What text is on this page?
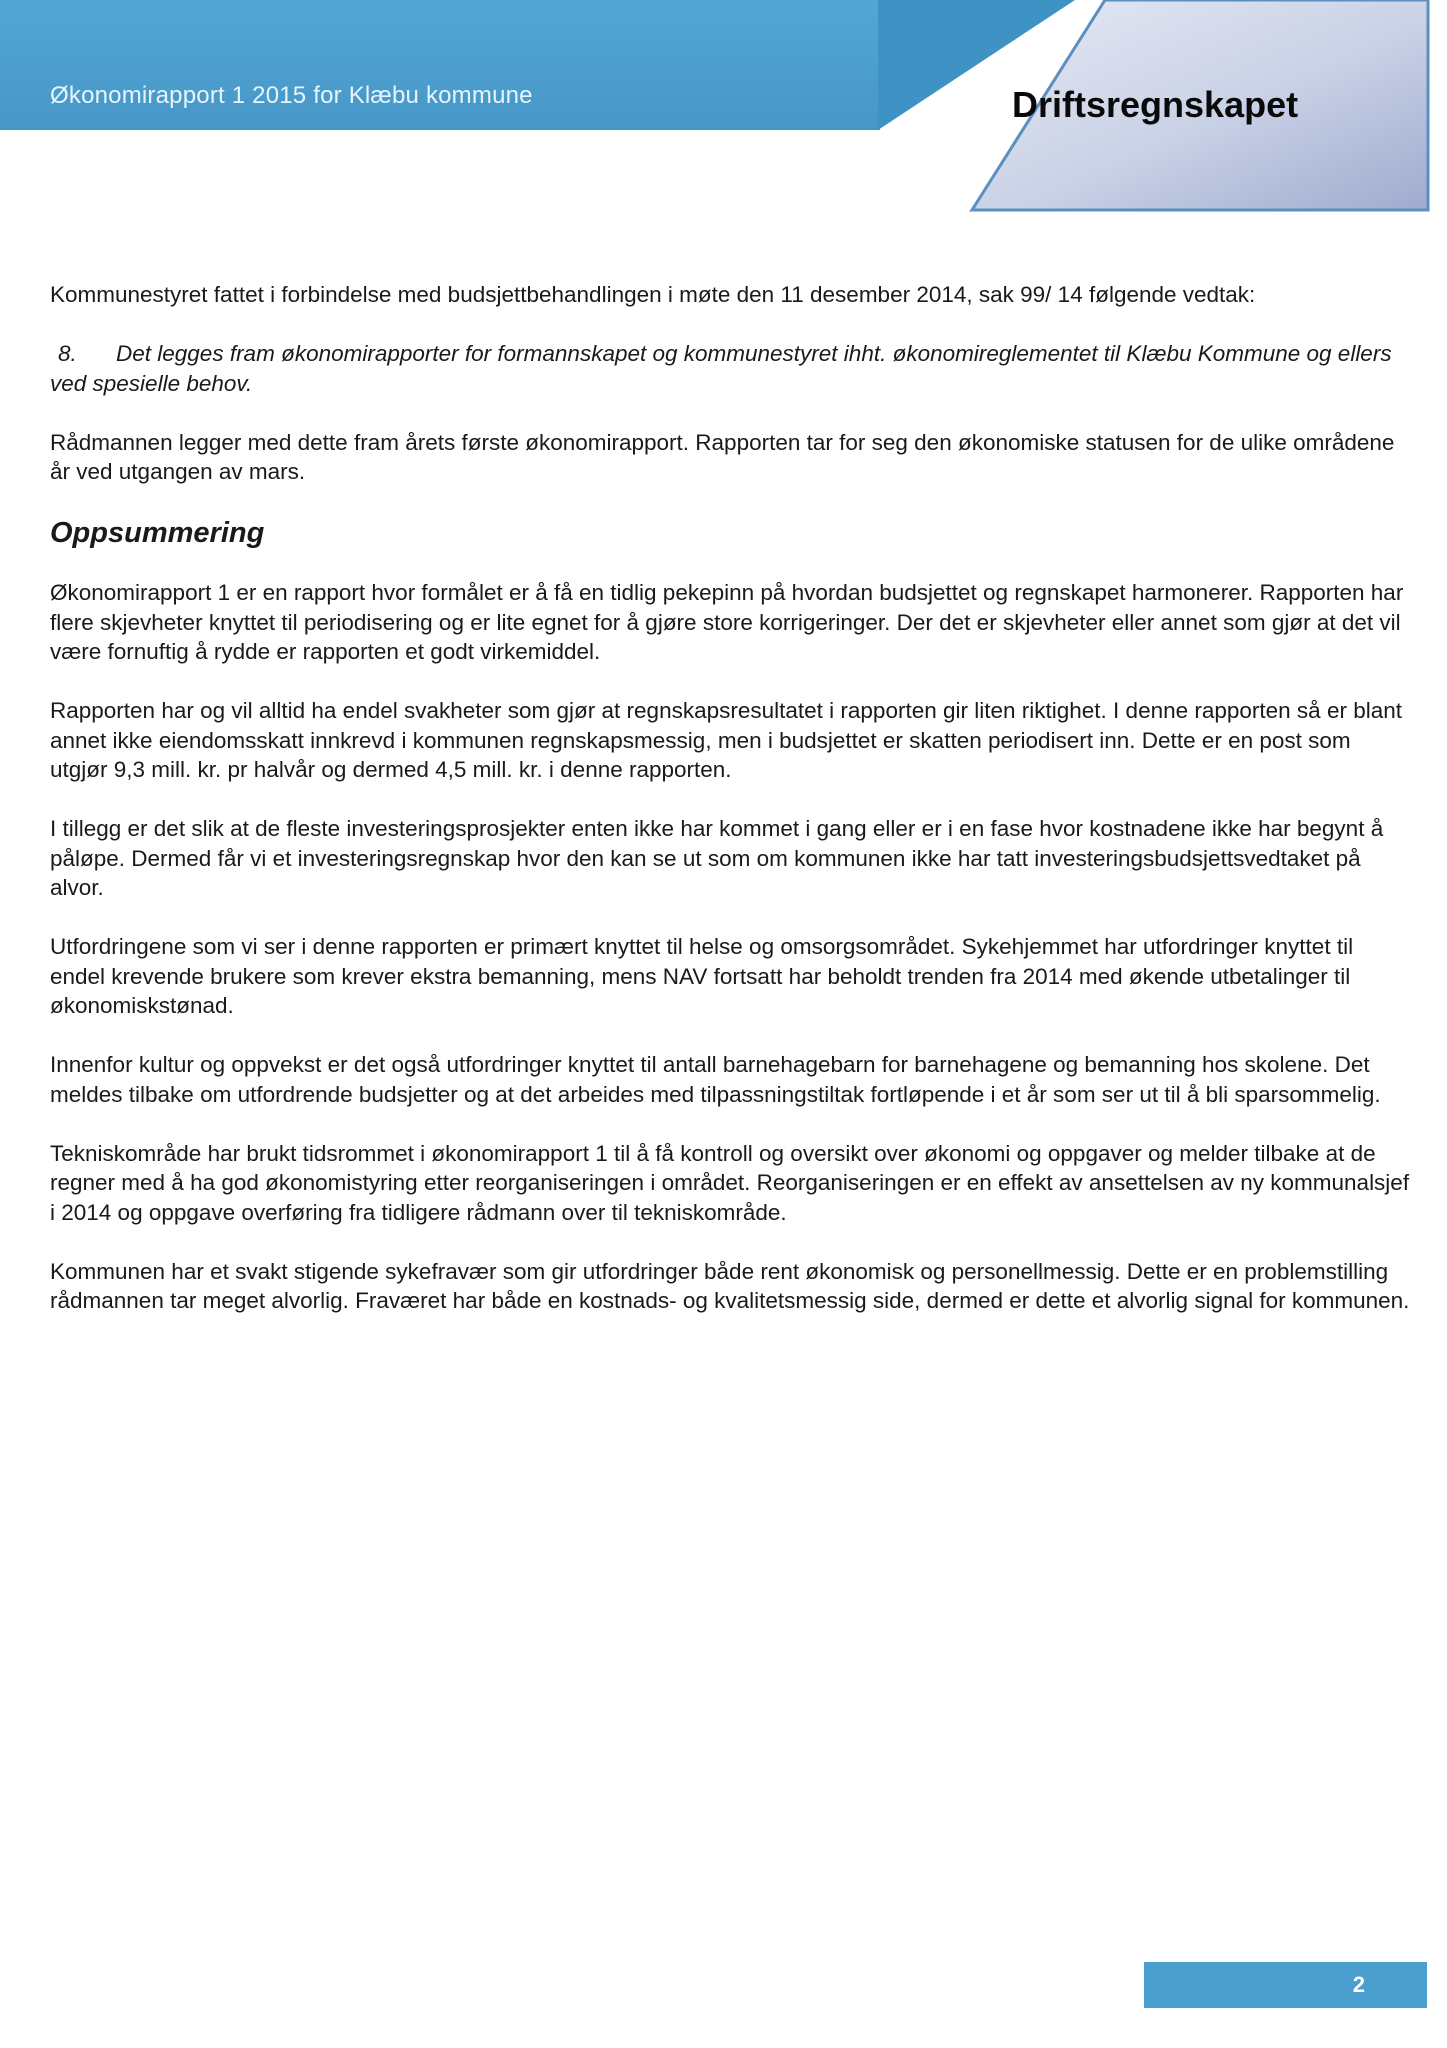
Økonomirapport 1 2015 for Klæbu kommune	Driftsregnskapet

Kommunestyret fattet i forbindelse med budsjettbehandlingen i møte den 11 desember 2014, sak 99/ 14 følgende vedtak:

8. Det legges fram økonomirapporter for formannskapet og kommunestyret ihht. økonomireglementet til Klæbu Kommune og ellers ved spesielle behov.

Rådmannen legger med dette fram årets første økonomirapport. Rapporten tar for seg den økonomiske statusen for de ulike områdene år ved utgangen av mars.

Oppsummering

Økonomirapport 1 er en rapport hvor formålet er å få en tidlig pekepinn på hvordan budsjettet og regnskapet harmonerer. Rapporten har flere skjevheter knyttet til periodisering og er lite egnet for å gjøre store korrigeringer. Der det er skjevheter eller annet som gjør at det vil være fornuftig å rydde er rapporten et godt virkemiddel.

Rapporten har og vil alltid ha endel svakheter som gjør at regnskapsresultatet i rapporten gir liten riktighet. I denne rapporten så er blant annet ikke eiendomsskatt innkrevd i kommunen regnskapsmessig, men i budsjettet er skatten periodisert inn. Dette er en post som utgjør 9,3 mill. kr. pr halvår og dermed 4,5 mill. kr. i denne rapporten.

I tillegg er det slik at de fleste investeringsprosjekter enten ikke har kommet i gang eller er i en fase hvor kostnadene ikke har begynt å påløpe. Dermed får vi et investeringsregnskap hvor den kan se ut som om kommunen ikke har tatt investeringsbudsjettsvedtaket på alvor.

Utfordringene som vi ser i denne rapporten er primært knyttet til helse og omsorgsområdet. Sykehjemmet har utfordringer knyttet til endel krevende brukere som krever ekstra bemanning, mens NAV fortsatt har beholdt trenden fra 2014 med økende utbetalinger til økonomiskstønad.

Innenfor kultur og oppvekst er det også utfordringer knyttet til antall barnehagebarn for barnehagene og bemanning hos skolene. Det meldes tilbake om utfordrende budsjetter og at det arbeides med tilpassningstiltak fortløpende i et år som ser ut til å bli sparsommelig.

Tekniskområde har brukt tidsrommet i økonomirapport 1 til å få kontroll og oversikt over økonomi og oppgaver og melder tilbake at de regner med å ha god økonomistyring etter reorganiseringen i området. Reorganiseringen er en effekt av ansettelsen av ny kommunalsjef i 2014 og oppgave overføring fra tidligere rådmann over til tekniskområde.

Kommunen har et svakt stigende sykefravær som gir utfordringer både rent økonomisk og personellmessig. Dette er en problemstilling rådmannen tar meget alvorlig. Fraværet har både en kostnads- og kvalitetsmessig side, dermed er dette et alvorlig signal for kommunen.

2
